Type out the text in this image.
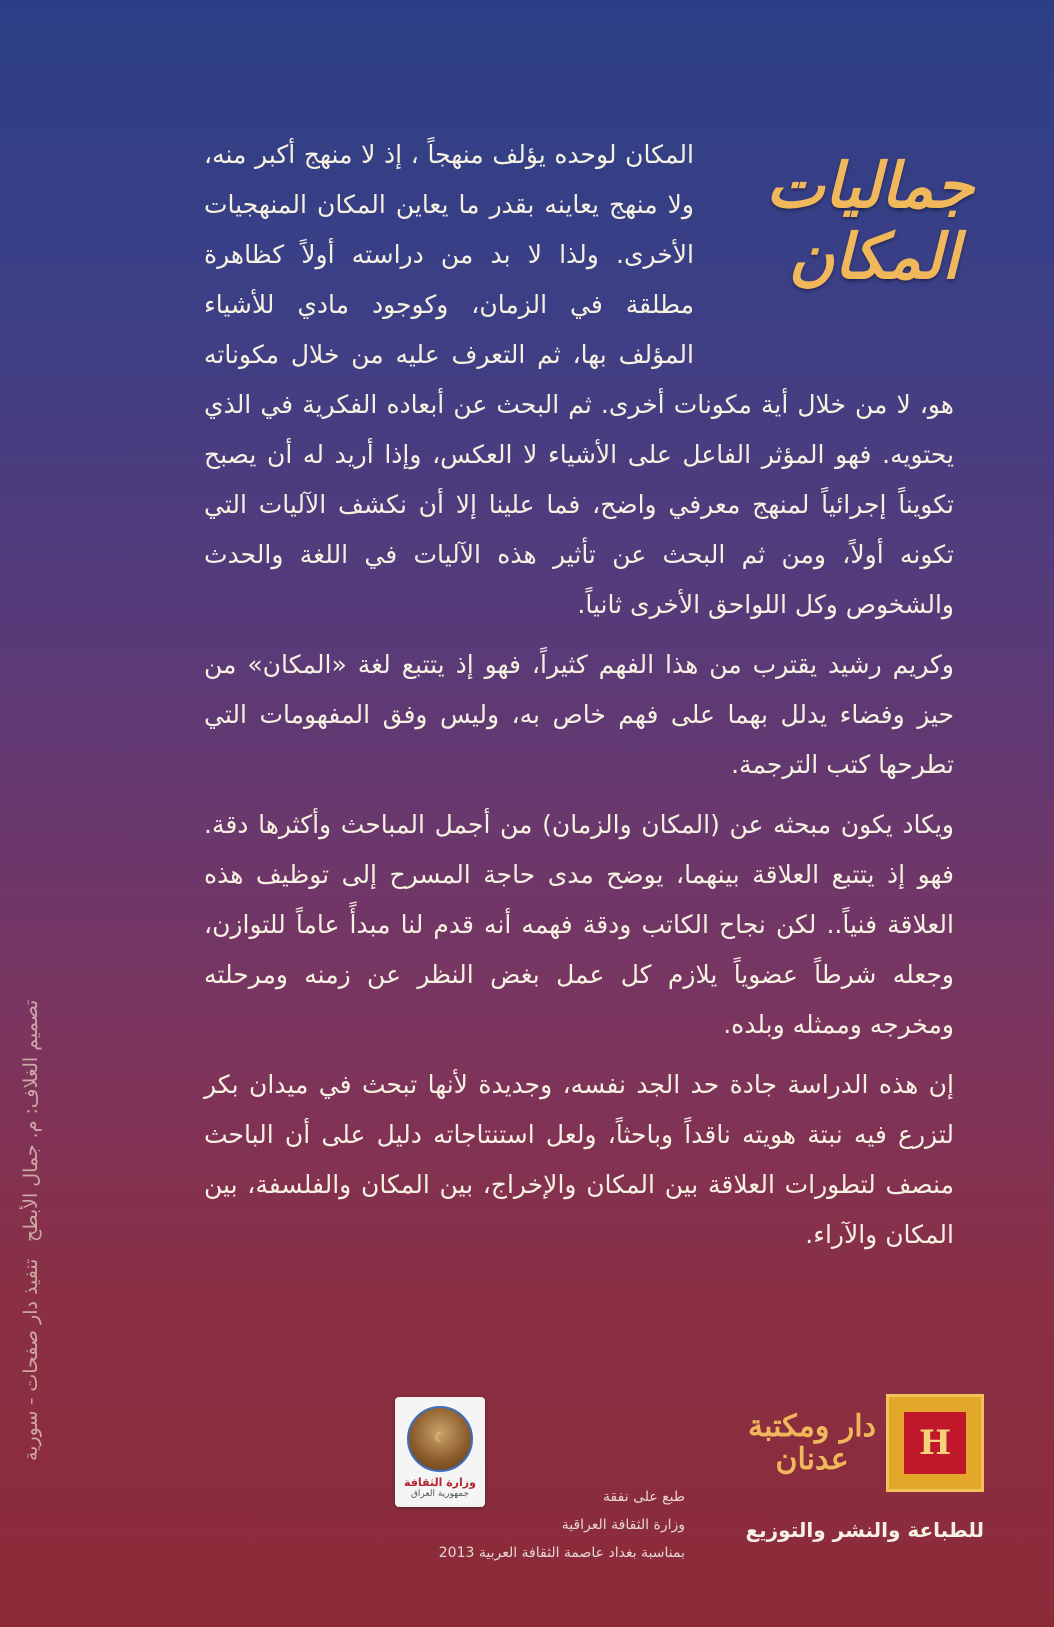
جماليات
المكان

المكان لوحده يؤلف منهجاً ، إذ لا منهج أكبر منه، ولا منهج يعاينه بقدر ما يعاين المكان المنهجيات الأخرى. ولذا لا بد من دراسته أولاً كظاهرة مطلقة في الزمان، وكوجود مادي للأشياء المؤلف بها، ثم التعرف عليه من خلال مكوناته هو، لا من خلال أية مكونات أخرى. ثم البحث عن أبعاده الفكرية في الذي يحتويه. فهو المؤثر الفاعل على الأشياء لا العكس، وإذا أريد له أن يصبح تكويناً إجرائياً لمنهج معرفي واضح، فما علينا إلا أن نكشف الآليات التي تكونه أولاً، ومن ثم البحث عن تأثير هذه الآليات في اللغة والحدث والشخوص وكل اللواحق الأخرى ثانياً.

وكريم رشيد يقترب من هذا الفهم كثيراً، فهو إذ يتتبع لغة «المكان» من حيز وفضاء يدلل بهما على فهم خاص به، وليس وفق المفهومات التي تطرحها كتب الترجمة.

ويكاد يكون مبحثه عن (المكان والزمان) من أجمل المباحث وأكثرها دقة. فهو إذ يتتبع العلاقة بينهما، يوضح مدى حاجة المسرح إلى توظيف هذه العلاقة فنياً.. لكن نجاح الكاتب ودقة فهمه أنه قدم لنا مبدأً عاماً للتوازن، وجعله شرطاً عضوياً يلازم كل عمل بغض النظر عن زمنه ومرحلته ومخرجه وممثله وبلده.

إن هذه الدراسة جادة حد الجد نفسه، وجديدة لأنها تبحث في ميدان بكر لتزرع فيه نبتة هويته ناقداً وباحثاً، ولعل استنتاجاته دليل على أن الباحث منصف لتطورات العلاقة بين المكان والإخراج، بين المكان والفلسفة، بين المكان والآراء.

تصميم الغلاف: م. جمال الأبطح
تنفيذ دار صفحات - سورية	H
دار ومكتبة
عدنان
للطباعة والنشر والتوزيع
☾
وزارة الثقافة
جمهورية العراق	طبع على نفقة
وزارة الثقافة العراقية
بمناسبة بغداد عاصمة الثقافة العربية 2013
